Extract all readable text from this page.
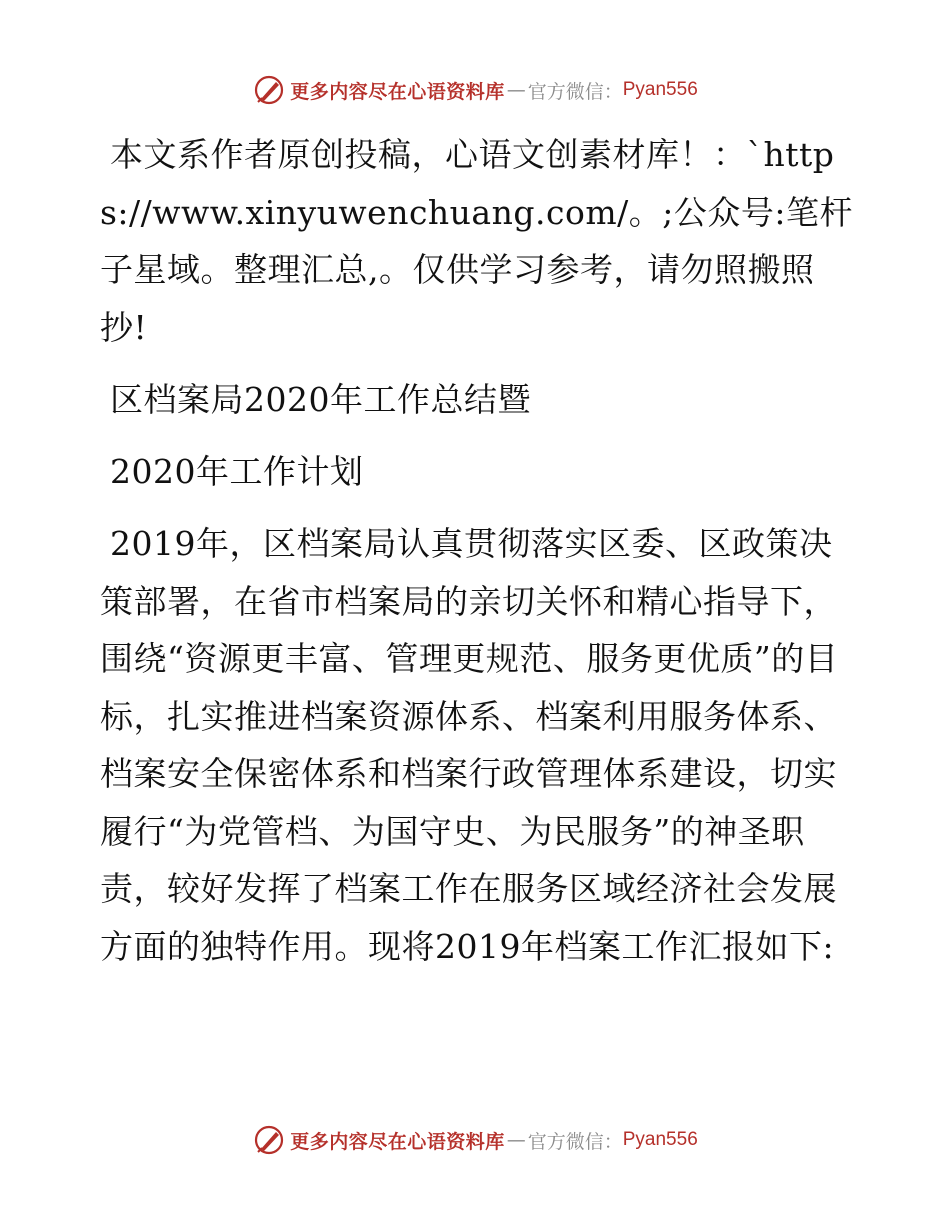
更多内容尽在心语资料库 — 官方微信： Pyan556

本文系作者原创投稿，心语文创素材库！：`https://www.xinyuwenchuang.com/。;公众号:笔杆子星域。整理汇总,。仅供学习参考，请勿照搬照抄!

区档案局2020年工作总结暨

2020年工作计划

2019年，区档案局认真贯彻落实区委、区政策决策部署，在省市档案局的亲切关怀和精心指导下，围绕“资源更丰富、管理更规范、服务更优质”的目标，扎实推进档案资源体系、档案利用服务体系、档案安全保密体系和档案行政管理体系建设，切实履行“为党管档、为国守史、为民服务”的神圣职责，较好发挥了档案工作在服务区域经济社会发展方面的独特作用。现将2019年档案工作汇报如下:

更多内容尽在心语资料库 — 官方微信： Pyan556
